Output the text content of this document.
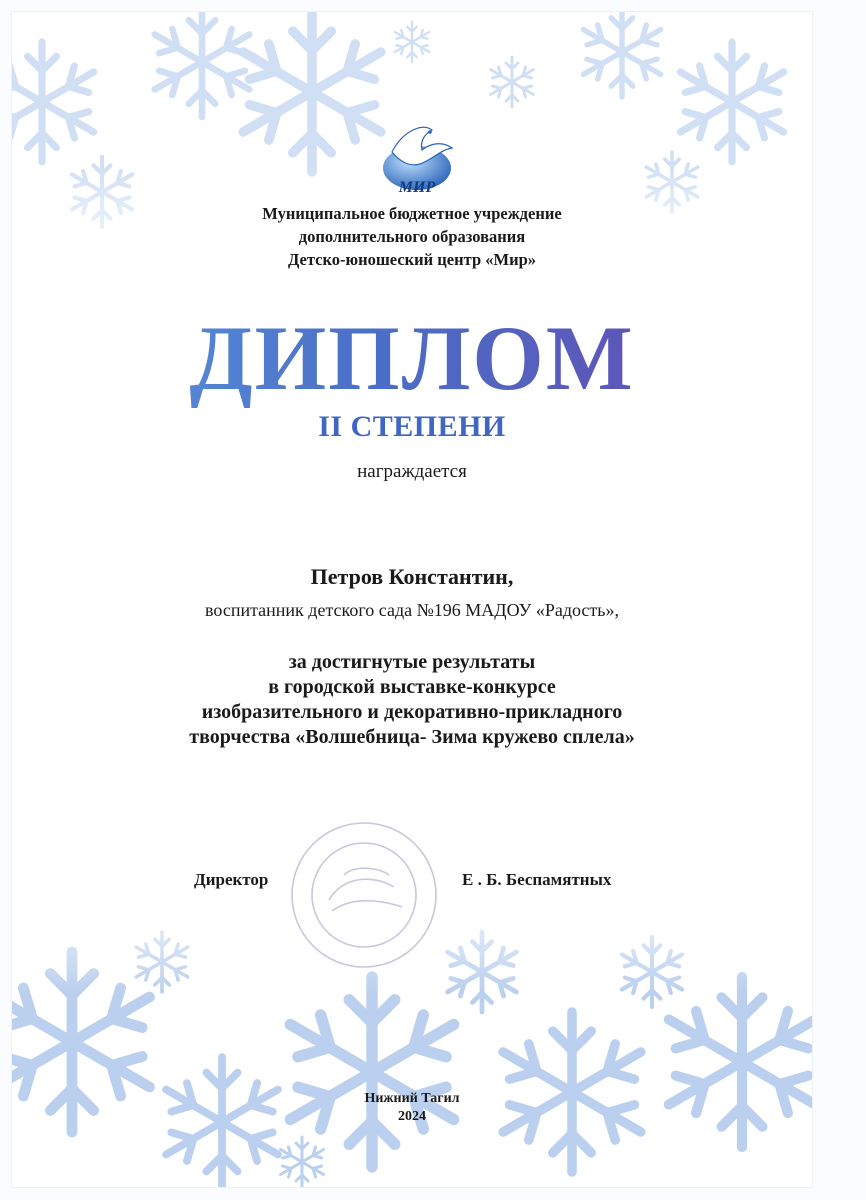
МИР
Муниципальное бюджетное учреждение
дополнительного образования
Детско-юношеский центр «Мир»
ДИПЛОМ
II СТЕПЕНИ
награждается
Петров Константин,
воспитанник детского сада №196 МАДОУ «Радость»,
за достигнутые результаты
в городской выставке-конкурсе
изобразительного и декоративно-прикладного
творчества «Волшебница- Зима кружево сплела»
Директор	Е . Б. Беспамятных
Нижний Тагил
2024
